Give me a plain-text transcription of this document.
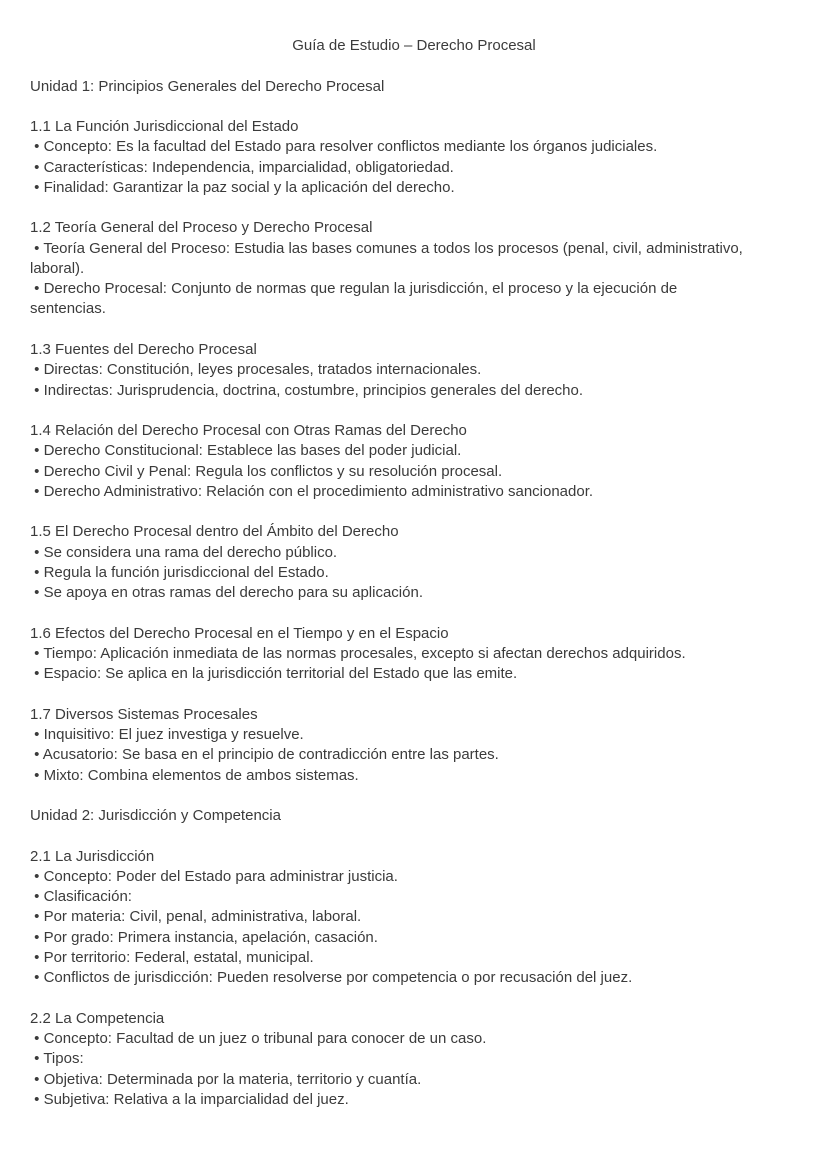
Guía de Estudio – Derecho Procesal
Unidad 1: Principios Generales del Derecho Procesal
1.1 La Función Jurisdiccional del Estado
• Concepto: Es la facultad del Estado para resolver conflictos mediante los órganos judiciales.
• Características: Independencia, imparcialidad, obligatoriedad.
• Finalidad: Garantizar la paz social y la aplicación del derecho.
1.2 Teoría General del Proceso y Derecho Procesal
• Teoría General del Proceso: Estudia las bases comunes a todos los procesos (penal, civil, administrativo,
laboral).
• Derecho Procesal: Conjunto de normas que regulan la jurisdicción, el proceso y la ejecución de
sentencias.
1.3 Fuentes del Derecho Procesal
• Directas: Constitución, leyes procesales, tratados internacionales.
• Indirectas: Jurisprudencia, doctrina, costumbre, principios generales del derecho.
1.4 Relación del Derecho Procesal con Otras Ramas del Derecho
• Derecho Constitucional: Establece las bases del poder judicial.
• Derecho Civil y Penal: Regula los conflictos y su resolución procesal.
• Derecho Administrativo: Relación con el procedimiento administrativo sancionador.
1.5 El Derecho Procesal dentro del Ámbito del Derecho
• Se considera una rama del derecho público.
• Regula la función jurisdiccional del Estado.
• Se apoya en otras ramas del derecho para su aplicación.
1.6 Efectos del Derecho Procesal en el Tiempo y en el Espacio
• Tiempo: Aplicación inmediata de las normas procesales, excepto si afectan derechos adquiridos.
• Espacio: Se aplica en la jurisdicción territorial del Estado que las emite.
1.7 Diversos Sistemas Procesales
• Inquisitivo: El juez investiga y resuelve.
• Acusatorio: Se basa en el principio de contradicción entre las partes.
• Mixto: Combina elementos de ambos sistemas.
Unidad 2: Jurisdicción y Competencia
2.1 La Jurisdicción
• Concepto: Poder del Estado para administrar justicia.
• Clasificación:
• Por materia: Civil, penal, administrativa, laboral.
• Por grado: Primera instancia, apelación, casación.
• Por territorio: Federal, estatal, municipal.
• Conflictos de jurisdicción: Pueden resolverse por competencia o por recusación del juez.
2.2 La Competencia
• Concepto: Facultad de un juez o tribunal para conocer de un caso.
• Tipos:
• Objetiva: Determinada por la materia, territorio y cuantía.
• Subjetiva: Relativa a la imparcialidad del juez.
